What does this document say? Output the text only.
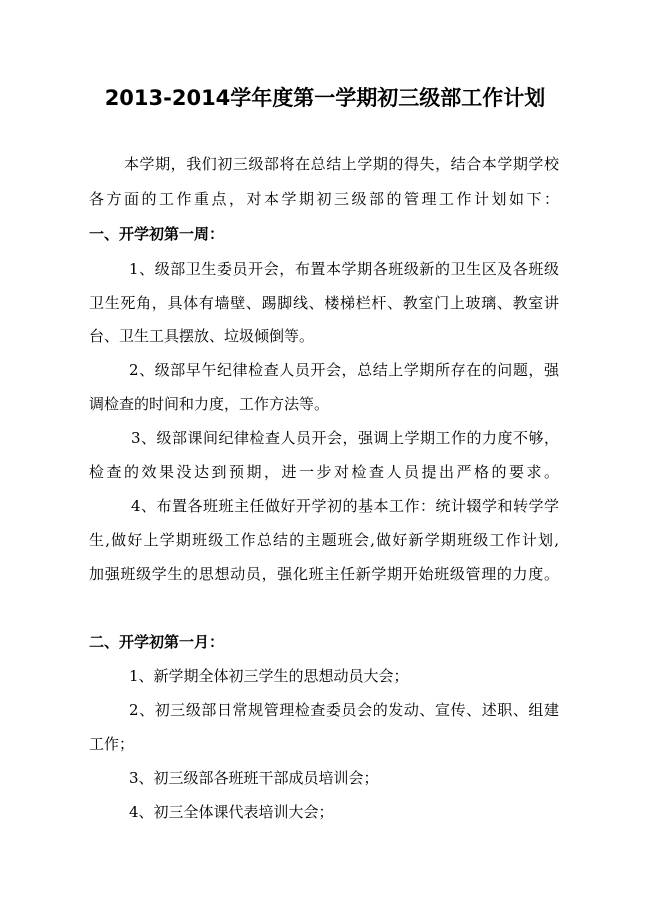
2013-2014学年度第一学期初三级部工作计划
本学期，我们初三级部将在总结上学期的得失，结合本学期学校
各方面的工作重点，对本学期初三级部的管理工作计划如下：
一、开学初第一周：
1、级部卫生委员开会，布置本学期各班级新的卫生区及各班级
卫生死角，具体有墙壁、踢脚线、楼梯栏杆、教室门上玻璃、教室讲
台、卫生工具摆放、垃圾倾倒等。
2、级部早午纪律检查人员开会，总结上学期所存在的问题，强
调检查的时间和力度，工作方法等。
3、级部课间纪律检查人员开会，强调上学期工作的力度不够，
检查的效果没达到预期，进一步对检查人员提出严格的要求。
4、布置各班班主任做好开学初的基本工作：统计辍学和转学学
生,做好上学期班级工作总结的主题班会,做好新学期班级工作计划,
加强班级学生的思想动员，强化班主任新学期开始班级管理的力度。
二、开学初第一月：
1、新学期全体初三学生的思想动员大会；
2、初三级部日常规管理检查委员会的发动、宣传、述职、组建
工作；
3、初三级部各班班干部成员培训会；
4、初三全体课代表培训大会；
